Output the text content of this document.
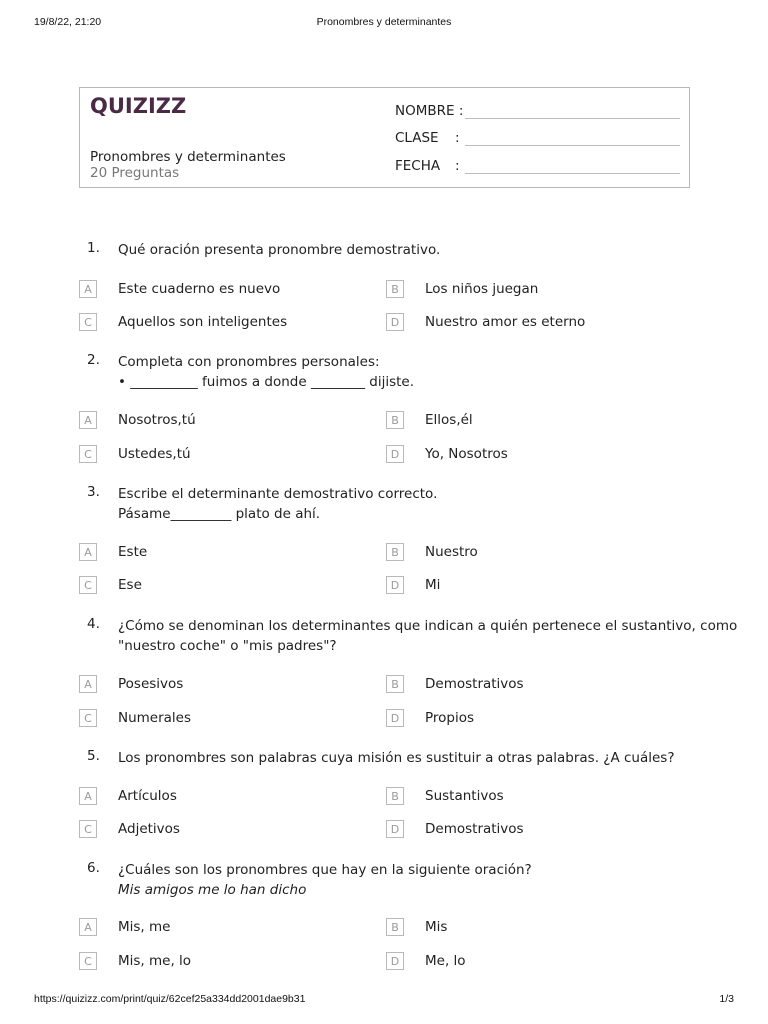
19/8/22, 21:20	Pronombres y determinantes
QUIZIZZ
Pronombres y determinantes
20 Preguntas
NOMBRE :
CLASE :
FECHA :
1. Qué oración presenta pronombre demostrativo.
A	Este cuaderno es nuevo	B	Los niños juegan
C	Aquellos son inteligentes	D	Nuestro amor es eterno
2. Completa con pronombres personales:
• __________ fuimos a donde ________ dijiste.
A	Nosotros,tú	B	Ellos,él
C	Ustedes,tú	D	Yo, Nosotros
3. Escribe el determinante demostrativo correcto.
Pásame_________ plato de ahí.
A	Este	B	Nuestro
C	Ese	D	Mi
4. ¿Cómo se denominan los determinantes que indican a quién pertenece el sustantivo, como
"nuestro coche" o "mis padres"?
A	Posesivos	B	Demostrativos
C	Numerales	D	Propios
5. Los pronombres son palabras cuya misión es sustituir a otras palabras. ¿A cuáles?
A	Artículos	B	Sustantivos
C	Adjetivos	D	Demostrativos
6. ¿Cuáles son los pronombres que hay en la siguiente oración?
Mis amigos me lo han dicho
A	Mis, me	B	Mis
C	Mis, me, lo	D	Me, lo
https://quizizz.com/print/quiz/62cef25a334dd2001dae9b31	1/3
